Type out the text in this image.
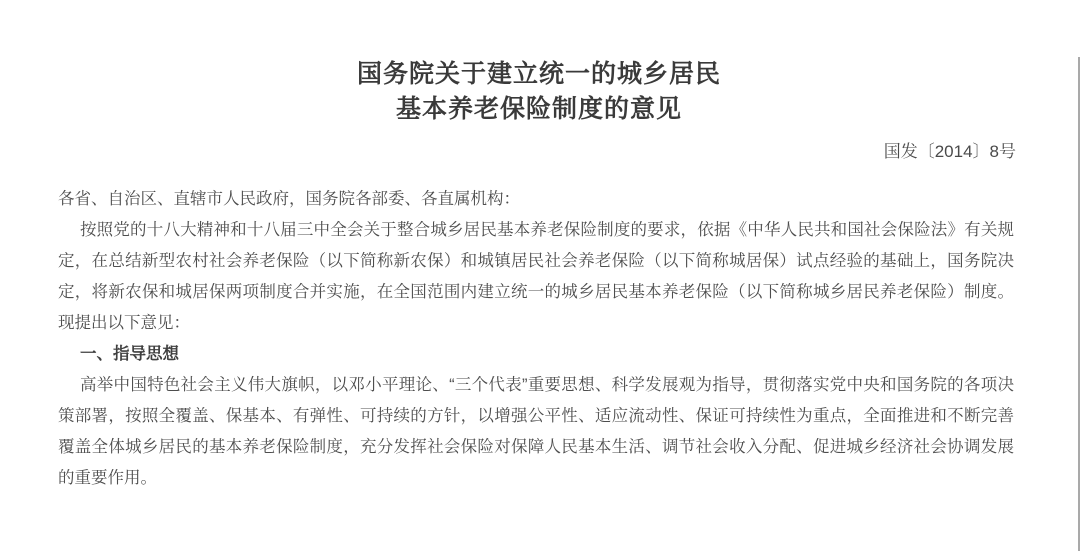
国务院关于建立统一的城乡居民
基本养老保险制度的意见
国发〔2014〕8号

各省、自治区、直辖市人民政府，国务院各部委、各直属机构：

按照党的十八大精神和十八届三中全会关于整合城乡居民基本养老保险制度的要求，依据《中华人民共和国社会保险法》有关规定，在总结新型农村社会养老保险（以下简称新农保）和城镇居民社会养老保险（以下简称城居保）试点经验的基础上，国务院决定，将新农保和城居保两项制度合并实施，在全国范围内建立统一的城乡居民基本养老保险（以下简称城乡居民养老保险）制度。现提出以下意见：

一、指导思想

高举中国特色社会主义伟大旗帜，以邓小平理论、“三个代表”重要思想、科学发展观为指导，贯彻落实党中央和国务院的各项决策部署，按照全覆盖、保基本、有弹性、可持续的方针，以增强公平性、适应流动性、保证可持续性为重点，全面推进和不断完善覆盖全体城乡居民的基本养老保险制度，充分发挥社会保险对保障人民基本生活、调节社会收入分配、促进城乡经济社会协调发展的重要作用。
